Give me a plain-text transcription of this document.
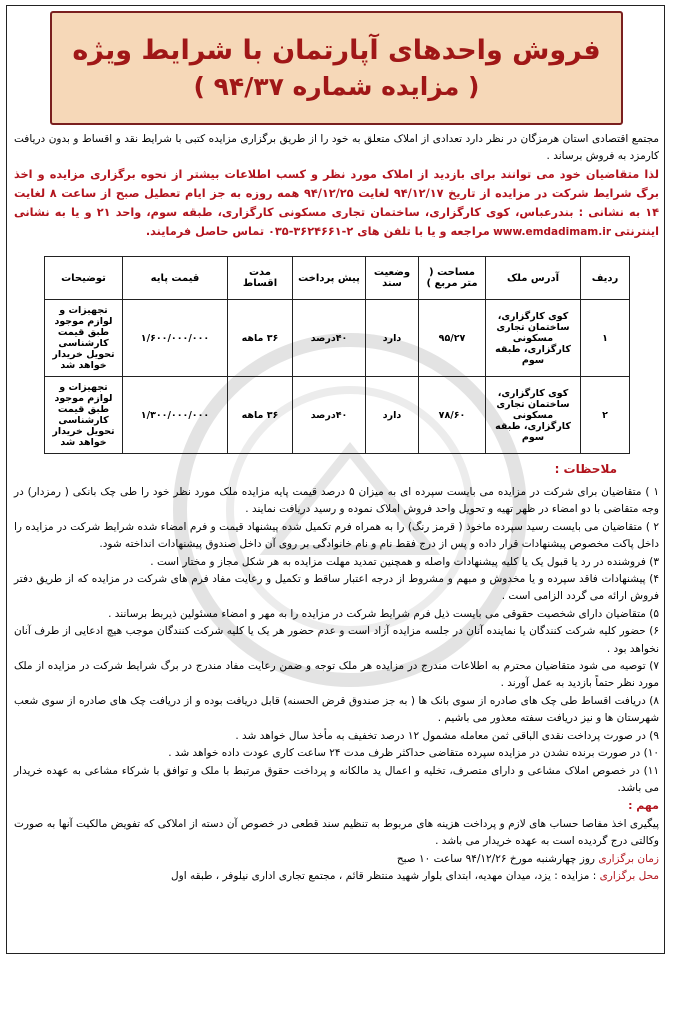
فروش واحدهای آپارتمان با شرایط ویژه
( مزایده شماره ۹۴/۳۷ )
مجتمع اقتصادی استان هرمزگان در نظر دارد تعدادی از املاک متعلق به خود را از طریق برگزاری مزایده کتبی با شرایط نقد و اقساط و بدون دریافت کارمزد به فروش برساند .
لذا متقاضیان خود می توانند برای بازدید از املاک مورد نظر و کسب اطلاعات بیشتر از نحوه برگزاری مزایده و اخذ برگ شرایط شرکت در مزایده از تاریخ ۹۴/۱۲/۱۷ لغایت ۹۴/۱۲/۲۵ همه روزه به جز ایام تعطیل صبح از ساعت ۸ لغایت ۱۴ به نشانی : بندرعباس، کوی کارگزاری، ساختمان تجاری مسکونی کارگزاری، طبقه سوم، واحد ۲۱ و یا به نشانی اینترنتی www.emdadimam.ir مراجعه و یا با تلفن های ۲-۳۶۲۴۶۶۱-۰۳۵ تماس حاصل فرمایند.
ردیف	آدرس ملک	مساحت ( متر مربع )	وضعیت سند	پیش پرداخت	مدت اقساط	قیمت پایه	توضیحات
۱	کوی کارگزاری، ساختمان تجاری مسکونی کارگزاری، طبقه سوم	۹۵/۲۷	دارد	۴۰درصد	۳۶ ماهه	۱/۶۰۰/۰۰۰/۰۰۰	تجهیزات و لوازم موجود طبق قیمت کارشناسی تحویل خریدار خواهد شد
۲	کوی کارگزاری، ساختمان تجاری مسکونی کارگزاری، طبقه سوم	۷۸/۶۰	دارد	۴۰درصد	۳۶ ماهه	۱/۳۰۰/۰۰۰/۰۰۰	تجهیزات و لوازم موجود طبق قیمت کارشناسی تحویل خریدار خواهد شد
ملاحظات :

۱ ) متقاضیان برای شرکت در مزایده می بایست سپرده ای به میزان ۵ درصد قیمت پایه مزایده ملک مورد نظر خود را طی چک بانکی ( رمزدار) در وجه متقاضی با دو امضاء در ظهر تهیه و تحویل واحد فروش املاک نموده و رسید دریافت نمایند .

۲ ) متقاضیان می بایست رسید سپرده ماخوذ ( قرمز رنگ) را به همراه فرم تکمیل شده پیشنهاد قیمت و فرم امضاء شده شرایط شرکت در مزایده را داخل پاکت مخصوص پیشنهادات قرار داده و پس از درج فقط نام و نام خانوادگی بر روی آن داخل صندوق پیشنهادات انداخته شود.

۳) فروشنده در رد یا قبول یک یا کلیه پیشنهادات واصله و همچنین تمدید مهلت مزایده به هر شکل مجاز و مختار است .

۴) پیشنهادات فاقد سپرده و یا مخدوش و مبهم و مشروط از درجه اعتبار ساقط و تکمیل و رعایت مفاد فرم های شرکت در مزایده که از طریق دفتر فروش ارائه می گردد الزامی است .

۵) متقاضیان دارای شخصیت حقوقی می بایست ذیل فرم شرایط شرکت در مزایده را به مهر و امضاء مسئولین ذیربط برسانند .

۶) حضور کلیه شرکت کنندگان یا نماینده آنان در جلسه مزایده آزاد است و عدم حضور هر یک یا کلیه شرکت کنندگان موجب هیچ ادعایی از طرف آنان نخواهد بود .

۷) توصیه می شود متقاضیان محترم به اطلاعات مندرج در مزایده هر ملک توجه و ضمن رعایت مفاد مندرج در برگ شرایط شرکت در مزایده از ملک مورد نظر حتماً بازدید به عمل آورند .

۸) دریافت اقساط طی چک های صادره از سوی بانک ها ( به جز صندوق قرض الحسنه) قابل دریافت بوده و از دریافت چک های صادره از سوی شعب شهرستان ها و نیز دریافت سفته معذور می باشیم .

۹) در صورت پرداخت نقدی الباقی ثمن معامله مشمول ۱۲ درصد تخفیف به مأخذ سال خواهد شد .

۱۰) در صورت برنده نشدن در مزایده سپرده متقاضی حداکثر ظرف مدت ۲۴ ساعت کاری عودت داده خواهد شد .

۱۱) در خصوص املاک مشاعی و دارای متصرف، تخلیه و اعمال ید مالکانه و پرداخت حقوق مرتبط با ملک و توافق با شرکاء مشاعی به عهده خریدار می باشد.

مهم :

پیگیری اخذ مفاصا حساب های لازم و پرداخت هزینه های مربوط به تنظیم سند قطعی در خصوص آن دسته از املاکی که تفویض مالکیت آنها به صورت وکالتی درج گردیده است به عهده خریدار می باشد .

زمان برگزاری روز چهارشنبه مورخ ۹۴/۱۲/۲۶ ساعت ۱۰ صبح

محل برگزاری : مزایده : یزد، میدان مهدیه، ابتدای بلوار شهید منتظر قائم ، مجتمع تجاری اداری نیلوفر ، طبقه اول
